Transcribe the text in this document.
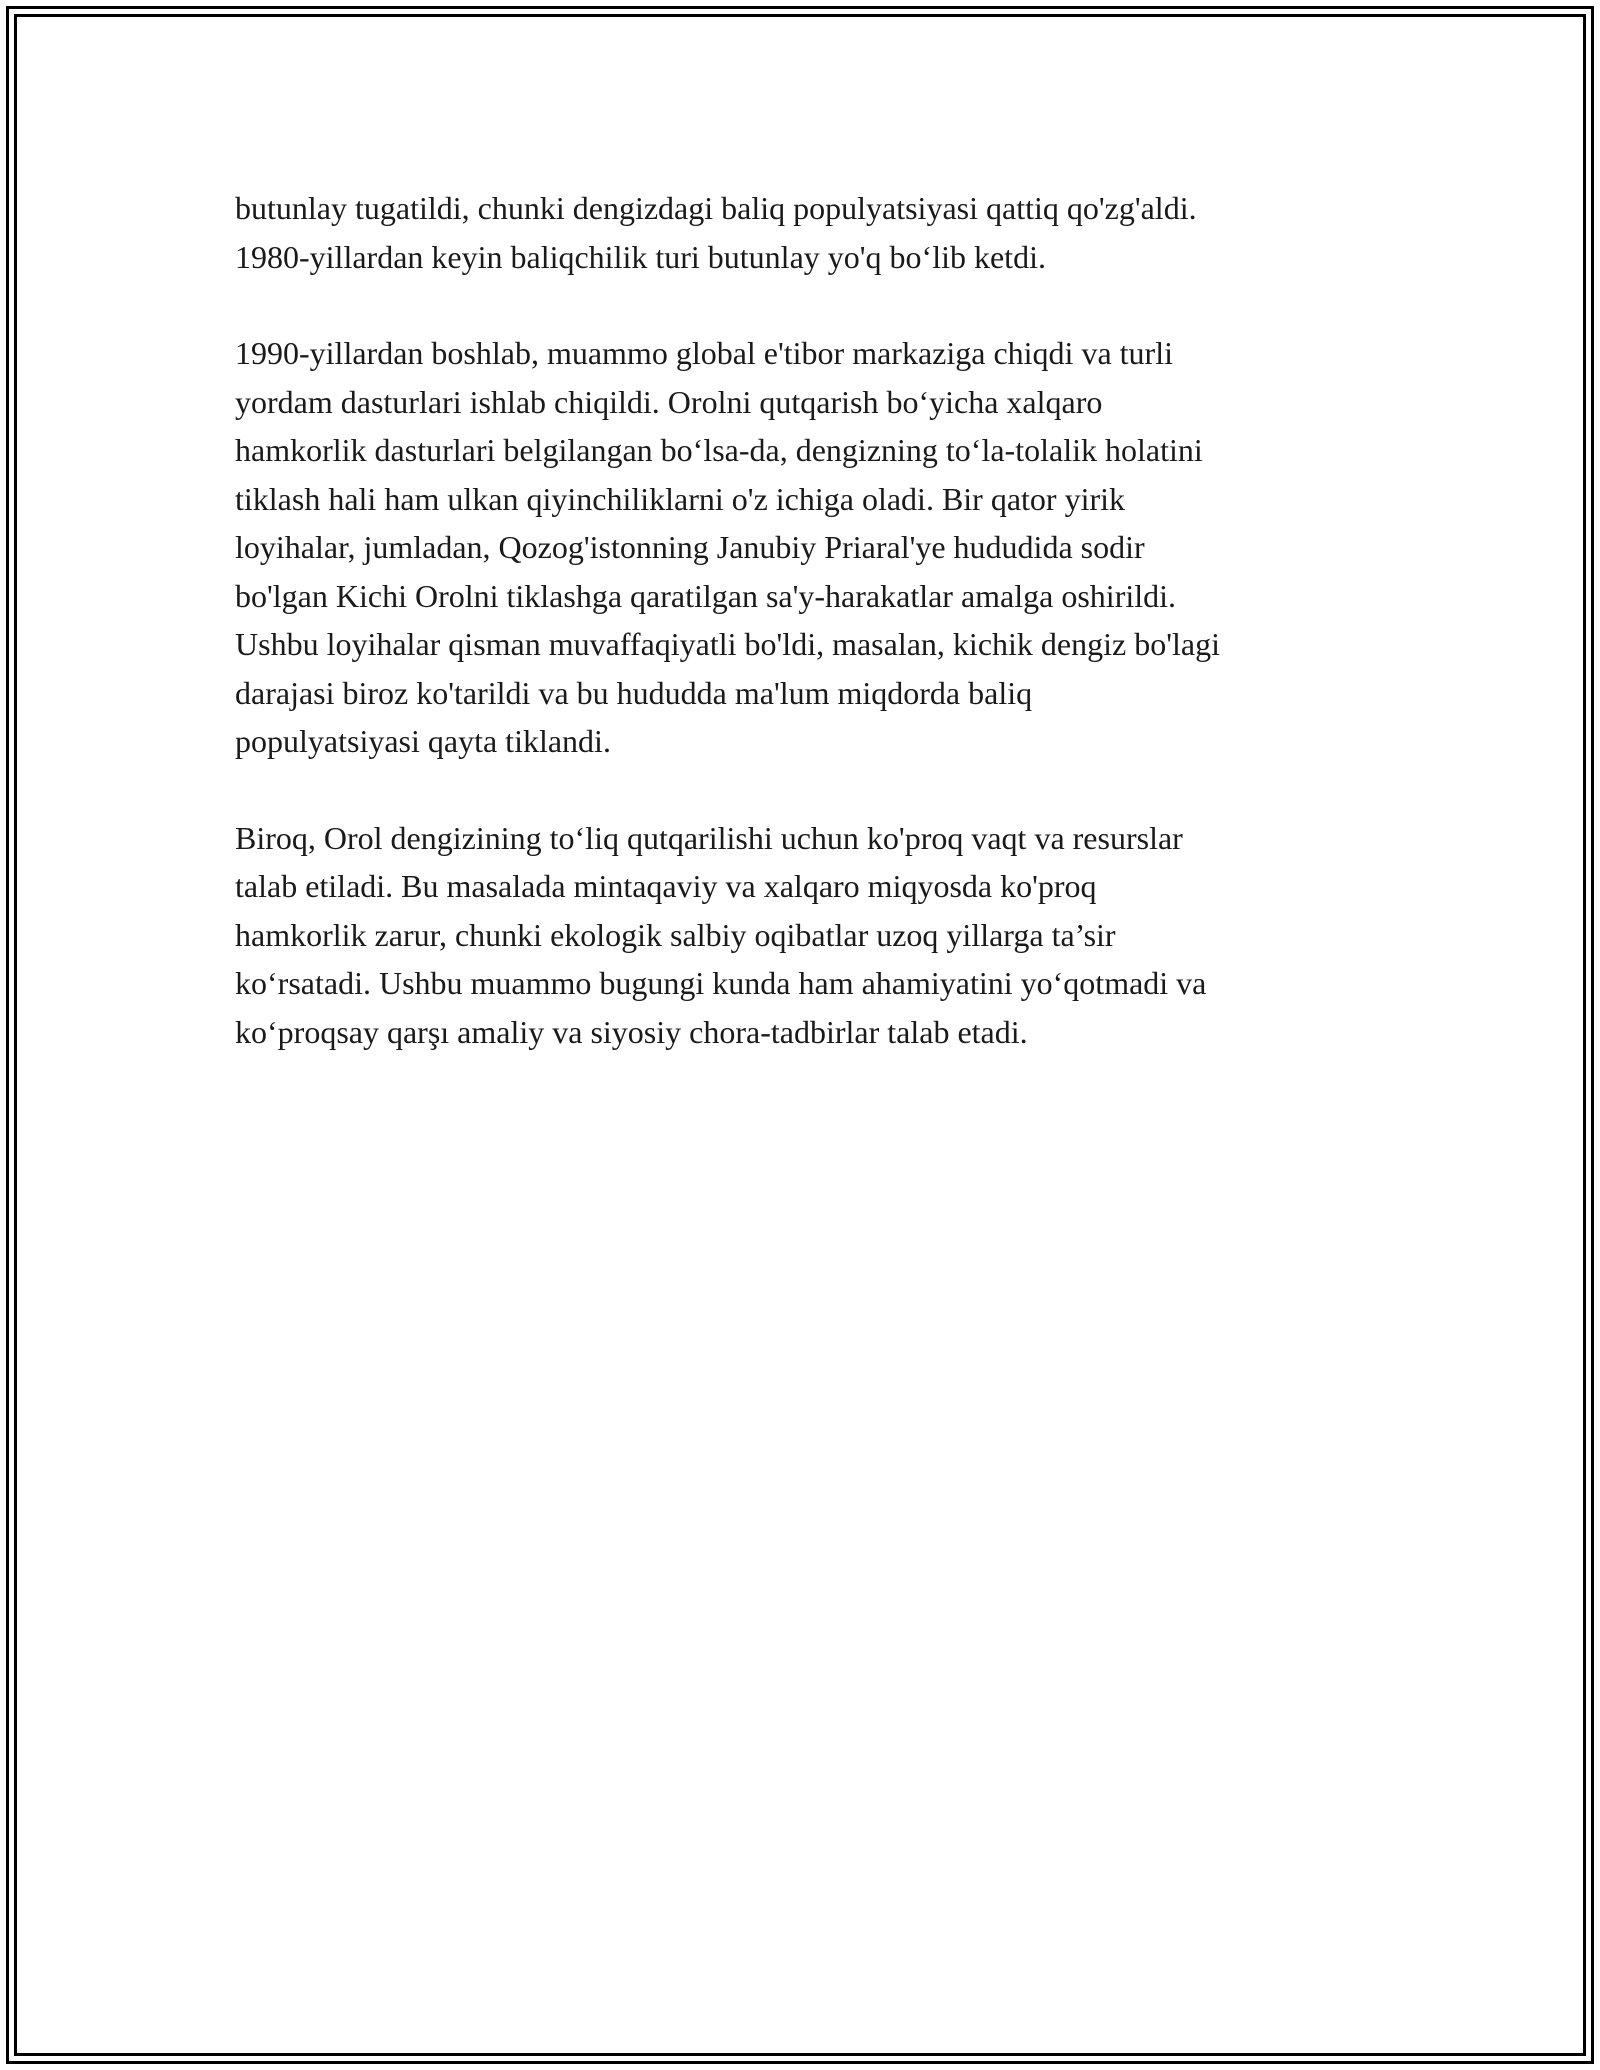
butunlay tugatildi, chunki dengizdagi baliq populyatsiyasi qattiq qo'zg'aldi.
1980-yillardan keyin baliqchilik turi butunlay yo'q bo‘lib ketdi.

1990-yillardan boshlab, muammo global e'tibor markaziga chiqdi va turli
yordam dasturlari ishlab chiqildi. Orolni qutqarish bo‘yicha xalqaro
hamkorlik dasturlari belgilangan bo‘lsa-da, dengizning to‘la-tolalik holatini
tiklash hali ham ulkan qiyinchiliklarni o'z ichiga oladi. Bir qator yirik
loyihalar, jumladan, Qozog'istonning Janubiy Priaral'ye hududida sodir
bo'lgan Kichi Orolni tiklashga qaratilgan sa'y-harakatlar amalga oshirildi.
Ushbu loyihalar qisman muvaffaqiyatli bo'ldi, masalan, kichik dengiz bo'lagi
darajasi biroz ko'tarildi va bu hududda ma'lum miqdorda baliq
populyatsiyasi qayta tiklandi.

Biroq, Orol dengizining to‘liq qutqarilishi uchun ko'proq vaqt va resurslar
talab etiladi. Bu masalada mintaqaviy va xalqaro miqyosda ko'proq
hamkorlik zarur, chunki ekologik salbiy oqibatlar uzoq yillarga ta’sir
ko‘rsatadi. Ushbu muammo bugungi kunda ham ahamiyatini yo‘qotmadi va
ko‘proqsay qarşı amaliy va siyosiy chora-tadbirlar talab etadi.
